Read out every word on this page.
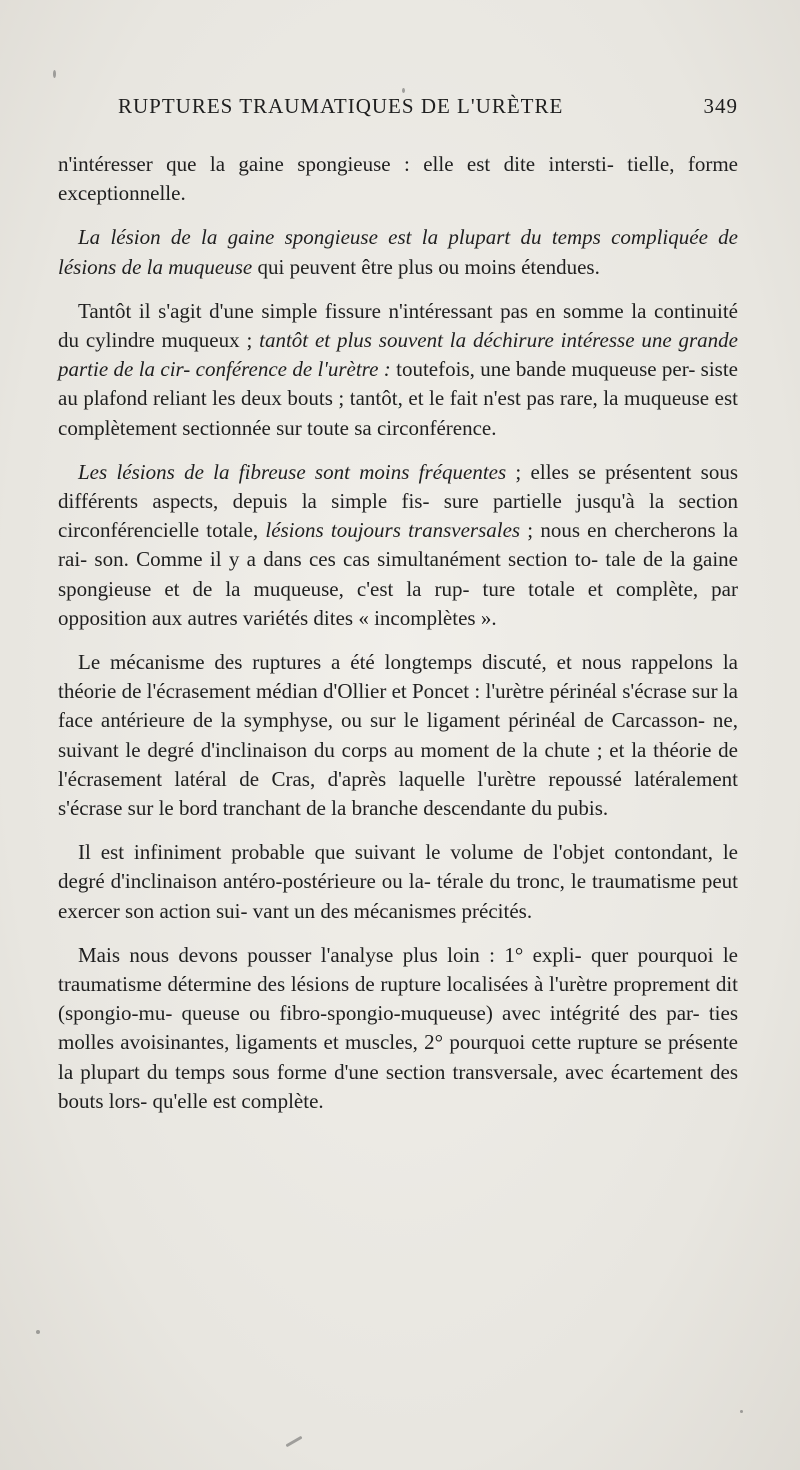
RUPTURES TRAUMATIQUES DE L'URÈTRE	349

n'intéresser que la gaine spongieuse : elle est dite intersti- tielle, forme exceptionnelle.

La lésion de la gaine spongieuse est la plupart du temps compliquée de lésions de la muqueuse qui peuvent être plus ou moins étendues.

Tantôt il s'agit d'une simple fissure n'intéressant pas en somme la continuité du cylindre muqueux ; tantôt et plus souvent la déchirure intéresse une grande partie de la cir- conférence de l'urètre : toutefois, une bande muqueuse per- siste au plafond reliant les deux bouts ; tantôt, et le fait n'est pas rare, la muqueuse est complètement sectionnée sur toute sa circonférence.

Les lésions de la fibreuse sont moins fréquentes ; elles se présentent sous différents aspects, depuis la simple fis- sure partielle jusqu'à la section circonférencielle totale, lésions toujours transversales ; nous en chercherons la rai- son. Comme il y a dans ces cas simultanément section to- tale de la gaine spongieuse et de la muqueuse, c'est la rup- ture totale et complète, par opposition aux autres variétés dites « incomplètes ».

Le mécanisme des ruptures a été longtemps discuté, et nous rappelons la théorie de l'écrasement médian d'Ollier et Poncet : l'urètre périnéal s'écrase sur la face antérieure de la symphyse, ou sur le ligament périnéal de Carcasson- ne, suivant le degré d'inclinaison du corps au moment de la chute ; et la théorie de l'écrasement latéral de Cras, d'après laquelle l'urètre repoussé latéralement s'écrase sur le bord tranchant de la branche descendante du pubis.

Il est infiniment probable que suivant le volume de l'objet contondant, le degré d'inclinaison antéro-postérieure ou la- térale du tronc, le traumatisme peut exercer son action sui- vant un des mécanismes précités.

Mais nous devons pousser l'analyse plus loin : 1° expli- quer pourquoi le traumatisme détermine des lésions de rupture localisées à l'urètre proprement dit (spongio-mu- queuse ou fibro-spongio-muqueuse) avec intégrité des par- ties molles avoisinantes, ligaments et muscles, 2° pourquoi cette rupture se présente la plupart du temps sous forme d'une section transversale, avec écartement des bouts lors- qu'elle est complète.
